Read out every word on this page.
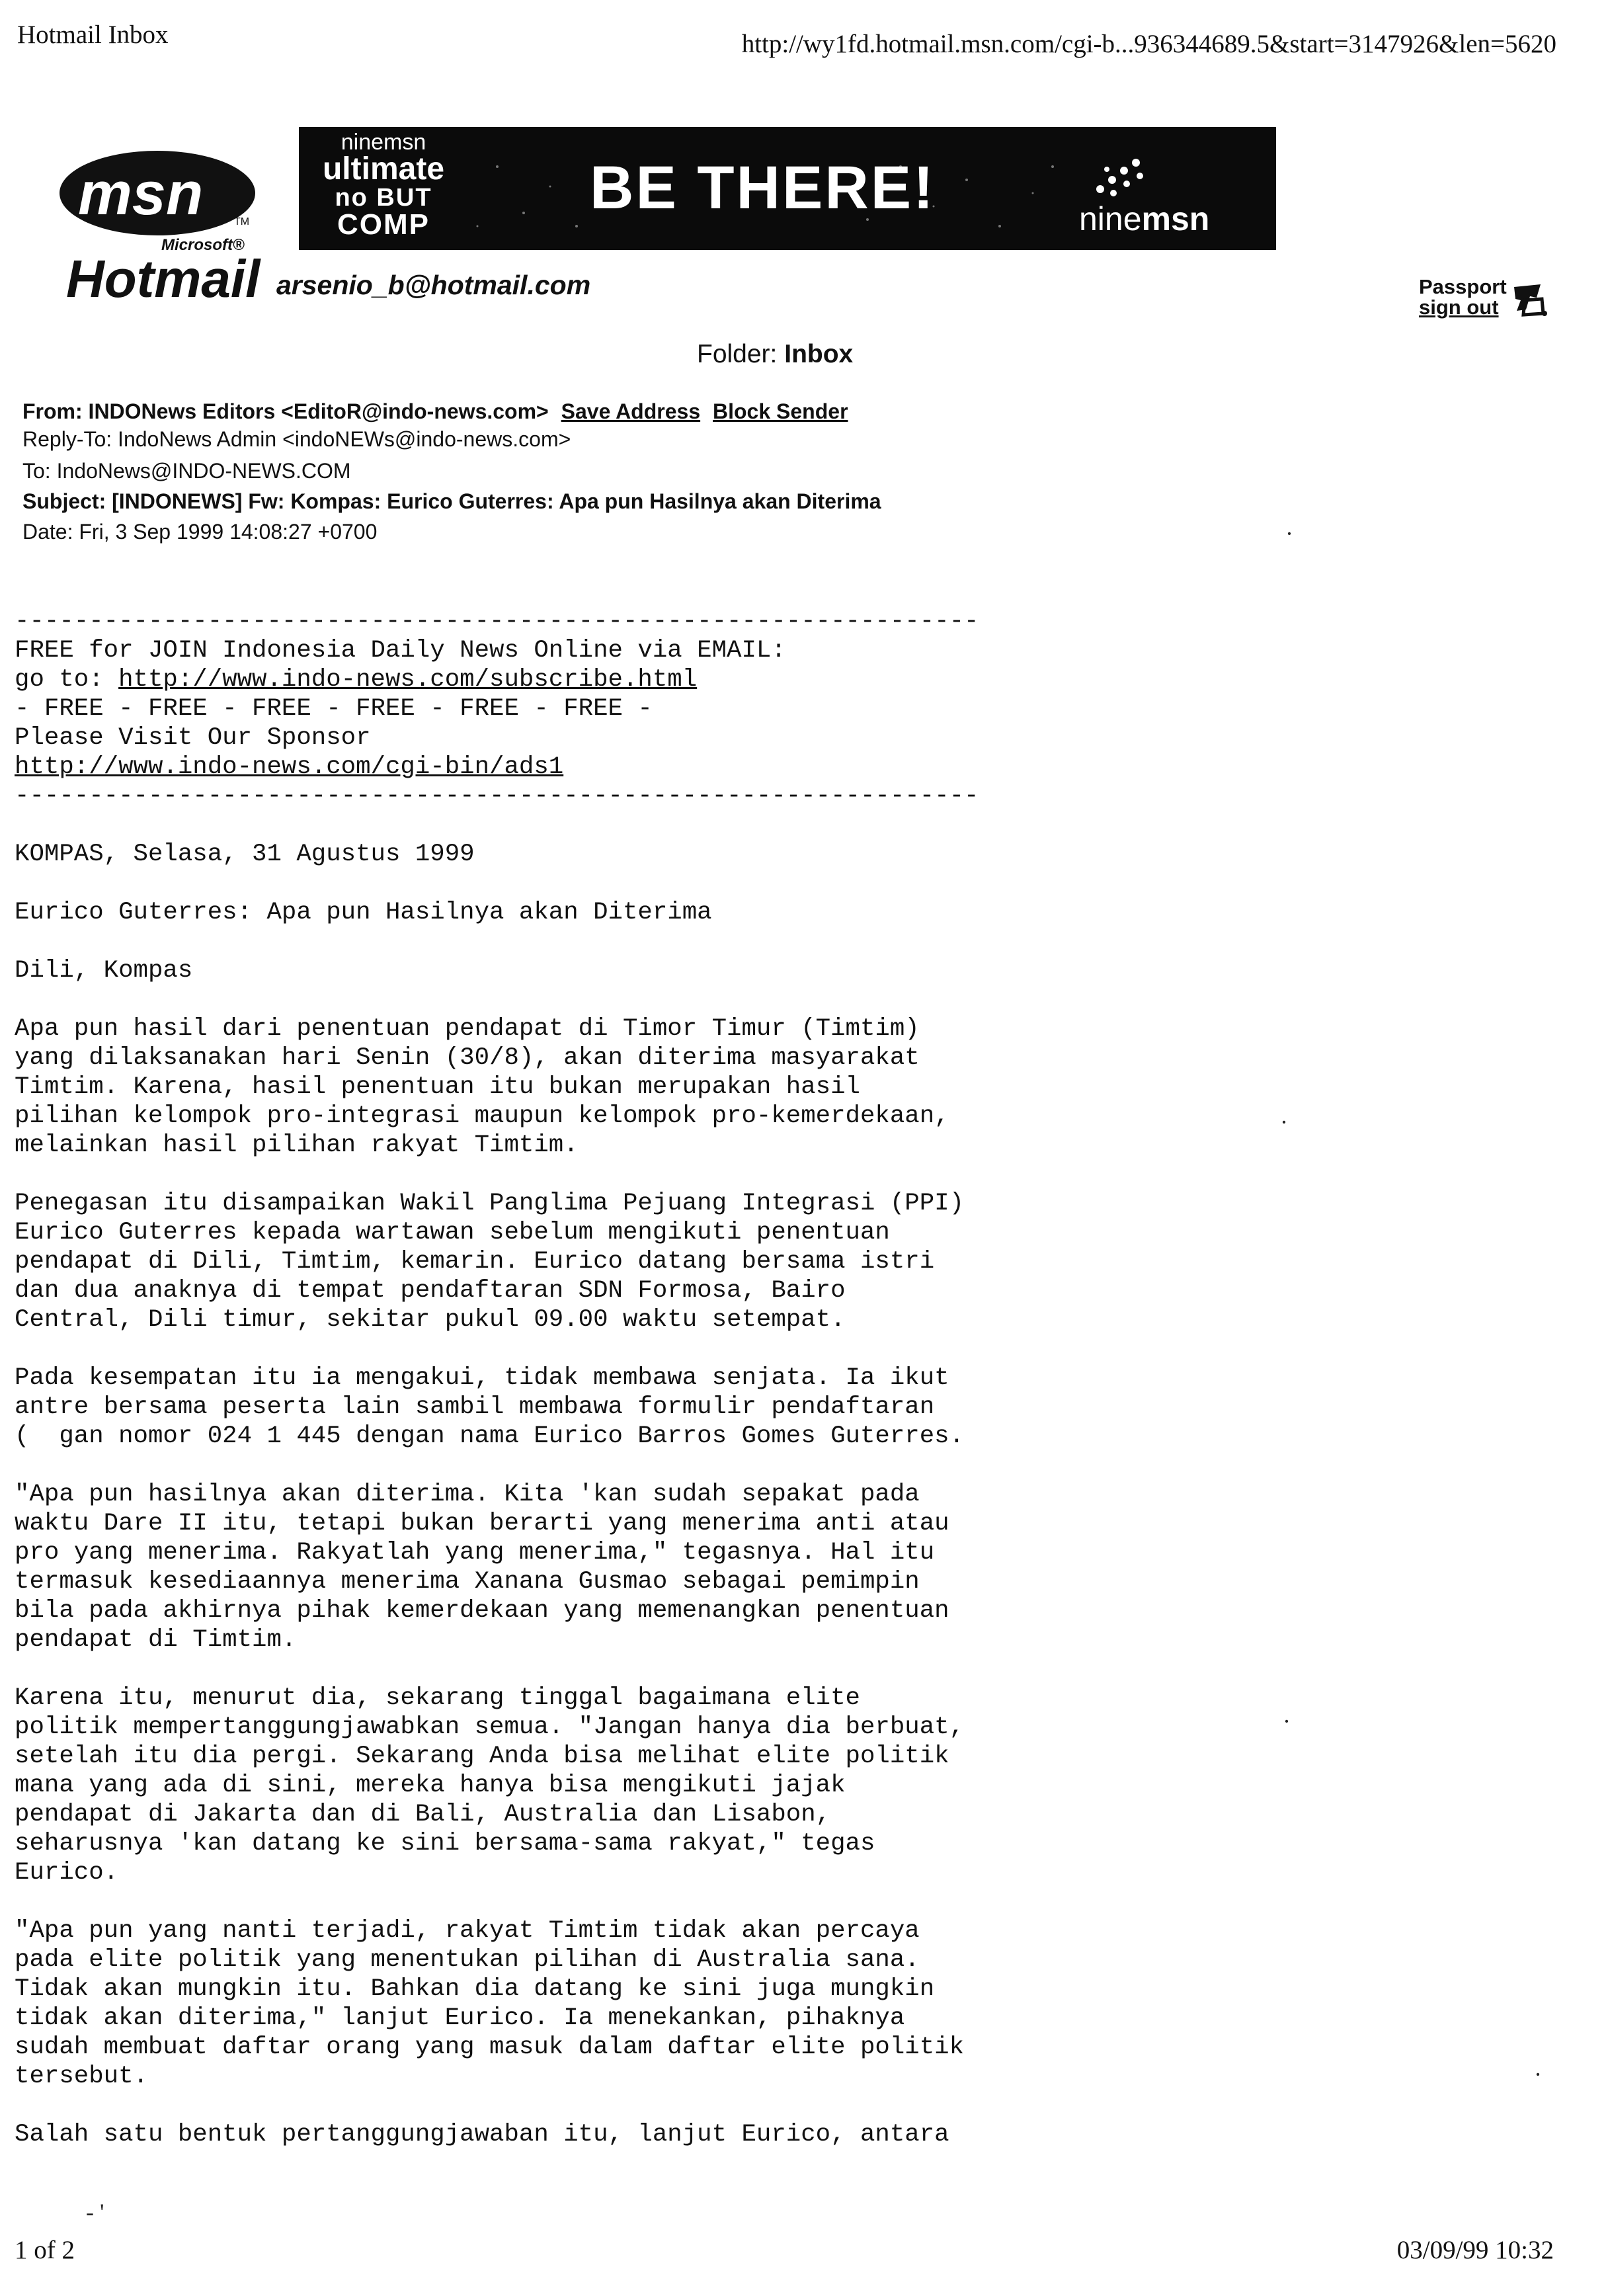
Hotmail Inbox	http://wy1fd.hotmail.msn.com/cgi-b...936344689.5&start=3147926&len=5620
msn	TM
Microsoft®
ninemsn
ultimate
no BUT
COMP
BE THERE!	ninemsn
Hotmail arsenio_b@hotmail.com	Passport
sign out
Folder: Inbox
From: INDONews Editors <EditoR@indo-news.com> Save Address Block Sender
Reply-To: IndoNews Admin <indoNEWs@indo-news.com>
To: IndoNews@INDO-NEWS.COM
Subject: [INDONEWS] Fw: Kompas: Eurico Guterres: Apa pun Hasilnya akan Diterima
Date: Fri, 3 Sep 1999 14:08:27 +0700
-----------------------------------------------------------------
FREE for JOIN Indonesia Daily News Online via EMAIL:
go to: http://www.indo-news.com/subscribe.html
- FREE - FREE - FREE - FREE - FREE - FREE -
Please Visit Our Sponsor
http://www.indo-news.com/cgi-bin/ads1
-----------------------------------------------------------------

KOMPAS, Selasa, 31 Agustus 1999

Eurico Guterres: Apa pun Hasilnya akan Diterima

Dili, Kompas

Apa pun hasil dari penentuan pendapat di Timor Timur (Timtim)
yang dilaksanakan hari Senin (30/8), akan diterima masyarakat
Timtim. Karena, hasil penentuan itu bukan merupakan hasil
pilihan kelompok pro-integrasi maupun kelompok pro-kemerdekaan,
melainkan hasil pilihan rakyat Timtim.

Penegasan itu disampaikan Wakil Panglima Pejuang Integrasi (PPI)
Eurico Guterres kepada wartawan sebelum mengikuti penentuan
pendapat di Dili, Timtim, kemarin. Eurico datang bersama istri
dan dua anaknya di tempat pendaftaran SDN Formosa, Bairo
Central, Dili timur, sekitar pukul 09.00 waktu setempat.

Pada kesempatan itu ia mengakui, tidak membawa senjata. Ia ikut
antre bersama peserta lain sambil membawa formulir pendaftaran
(  gan nomor 024 1 445 dengan nama Eurico Barros Gomes Guterres.

"Apa pun hasilnya akan diterima. Kita 'kan sudah sepakat pada
waktu Dare II itu, tetapi bukan berarti yang menerima anti atau
pro yang menerima. Rakyatlah yang menerima," tegasnya. Hal itu
termasuk kesediaannya menerima Xanana Gusmao sebagai pemimpin
bila pada akhirnya pihak kemerdekaan yang memenangkan penentuan
pendapat di Timtim.

Karena itu, menurut dia, sekarang tinggal bagaimana elite
politik mempertanggungjawabkan semua. "Jangan hanya dia berbuat,
setelah itu dia pergi. Sekarang Anda bisa melihat elite politik
mana yang ada di sini, mereka hanya bisa mengikuti jajak
pendapat di Jakarta dan di Bali, Australia dan Lisabon,
seharusnya 'kan datang ke sini bersama-sama rakyat," tegas
Eurico.

"Apa pun yang nanti terjadi, rakyat Timtim tidak akan percaya
pada elite politik yang menentukan pilihan di Australia sana.
Tidak akan mungkin itu. Bahkan dia datang ke sini juga mungkin
tidak akan diterima," lanjut Eurico. Ia menekankan, pihaknya
sudah membuat daftar orang yang masuk dalam daftar elite politik
tersebut.

Salah satu bentuk pertanggungjawaban itu, lanjut Eurico, antara
·
·
·
·
- '
1 of 2	03/09/99 10:32
